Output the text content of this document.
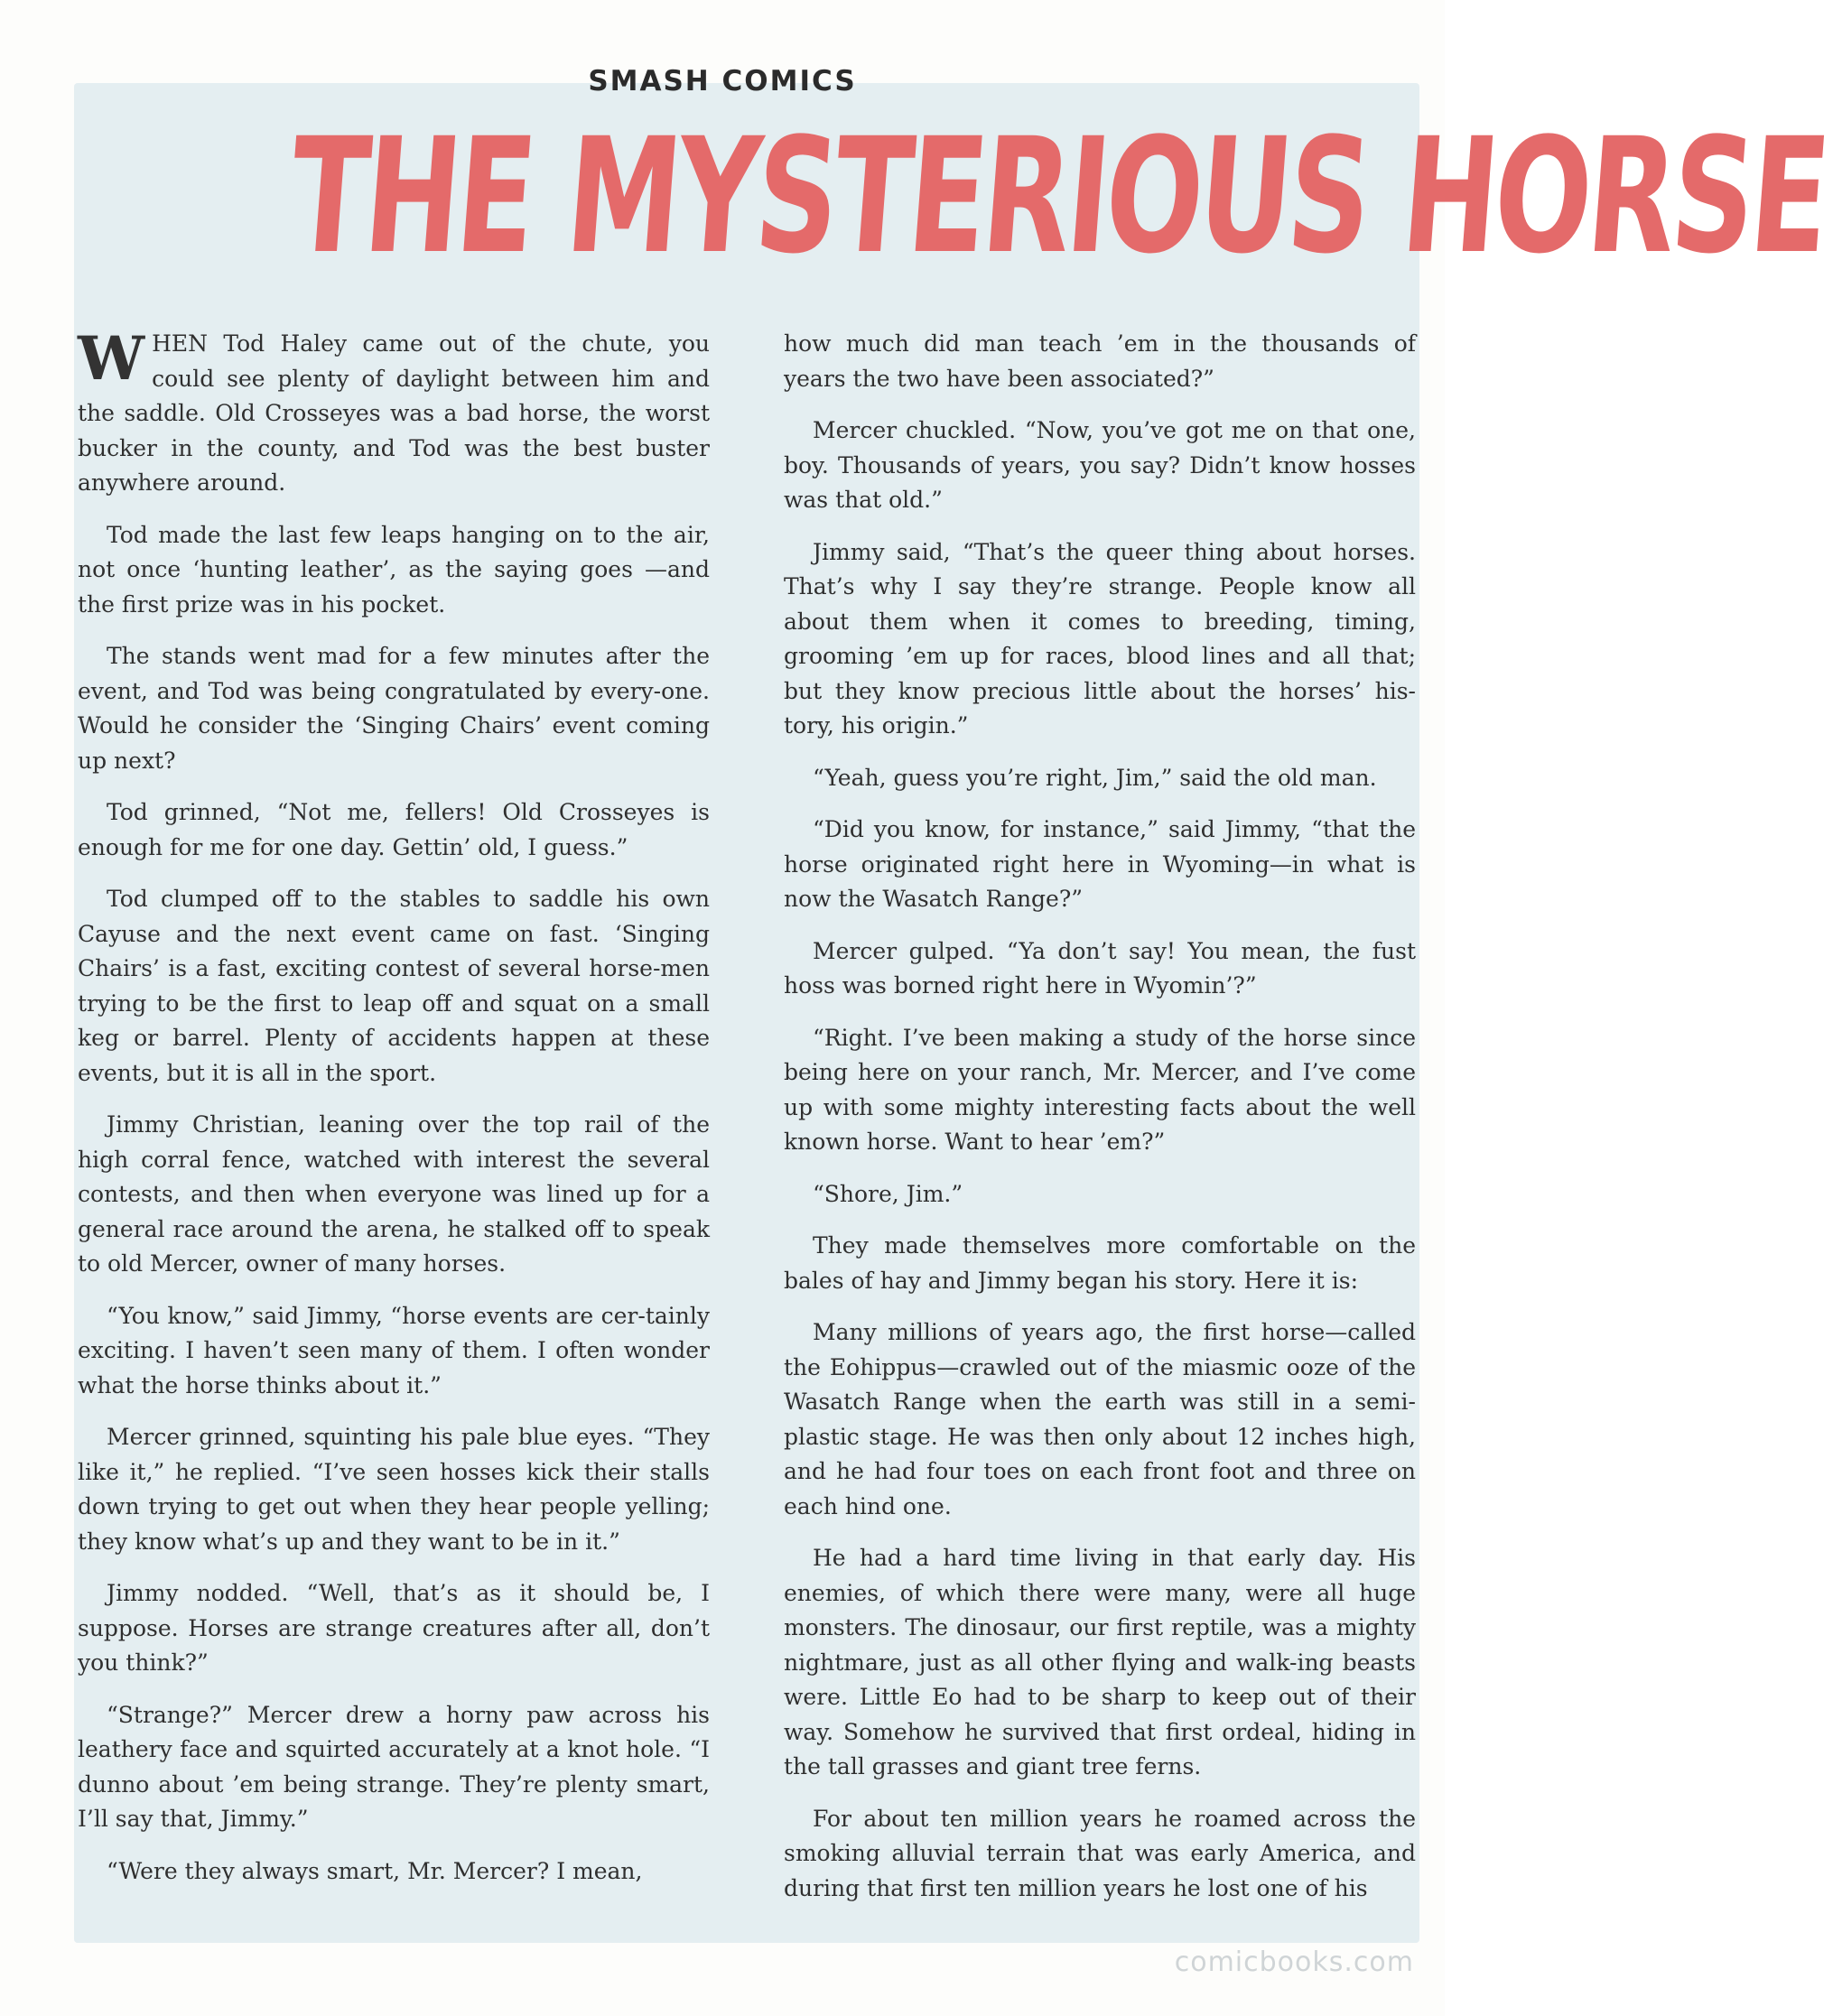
SMASH COMICS
THE MYSTERIOUS HORSE

WHEN Tod Haley came out of the chute, you could see plenty of daylight between him and the saddle. Old Crosseyes was a bad horse, the worst bucker in the county, and Tod was the best buster anywhere around.

Tod made the last few leaps hanging on to the air, not once ‘hunting leather’, as the saying goes —and the first prize was in his pocket.

The stands went mad for a few minutes after the event, and Tod was being congratulated by every-one. Would he consider the ‘Singing Chairs’ event coming up next?

Tod grinned, “Not me, fellers! Old Crosseyes is enough for me for one day. Gettin’ old, I guess.”

Tod clumped off to the stables to saddle his own Cayuse and the next event came on fast. ‘Singing Chairs’ is a fast, exciting contest of several horse-men trying to be the first to leap off and squat on a small keg or barrel. Plenty of accidents happen at these events, but it is all in the sport.

Jimmy Christian, leaning over the top rail of the high corral fence, watched with interest the several contests, and then when everyone was lined up for a general race around the arena, he stalked off to speak to old Mercer, owner of many horses.

“You know,” said Jimmy, “horse events are cer-tainly exciting. I haven’t seen many of them. I often wonder what the horse thinks about it.”

Mercer grinned, squinting his pale blue eyes. “They like it,” he replied. “I’ve seen hosses kick their stalls down trying to get out when they hear people yelling; they know what’s up and they want to be in it.”

Jimmy nodded. “Well, that’s as it should be, I suppose. Horses are strange creatures after all, don’t you think?”

“Strange?” Mercer drew a horny paw across his leathery face and squirted accurately at a knot hole. “I dunno about ’em being strange. They’re plenty smart, I’ll say that, Jimmy.”

“Were they always smart, Mr. Mercer? I mean,

how much did man teach ’em in the thousands of years the two have been associated?”

Mercer chuckled. “Now, you’ve got me on that one, boy. Thousands of years, you say? Didn’t know hosses was that old.”

Jimmy said, “That’s the queer thing about horses. That’s why I say they’re strange. People know all about them when it comes to breeding, timing, grooming ’em up for races, blood lines and all that; but they know precious little about the horses’ his-tory, his origin.”

“Yeah, guess you’re right, Jim,” said the old man.

“Did you know, for instance,” said Jimmy, “that the horse originated right here in Wyoming—in what is now the Wasatch Range?”

Mercer gulped. “Ya don’t say! You mean, the fust hoss was borned right here in Wyomin’?”

“Right. I’ve been making a study of the horse since being here on your ranch, Mr. Mercer, and I’ve come up with some mighty interesting facts about the well known horse. Want to hear ’em?”

“Shore, Jim.”

They made themselves more comfortable on the bales of hay and Jimmy began his story. Here it is:

Many millions of years ago, the first horse—called the Eohippus—crawled out of the miasmic ooze of the Wasatch Range when the earth was still in a semi-plastic stage. He was then only about 12 inches high, and he had four toes on each front foot and three on each hind one.

He had a hard time living in that early day. His enemies, of which there were many, were all huge monsters. The dinosaur, our first reptile, was a mighty nightmare, just as all other flying and walk-ing beasts were. Little Eo had to be sharp to keep out of their way. Somehow he survived that first ordeal, hiding in the tall grasses and giant tree ferns.

For about ten million years he roamed across the smoking alluvial terrain that was early America, and during that first ten million years he lost one of his

comicbooks.com
